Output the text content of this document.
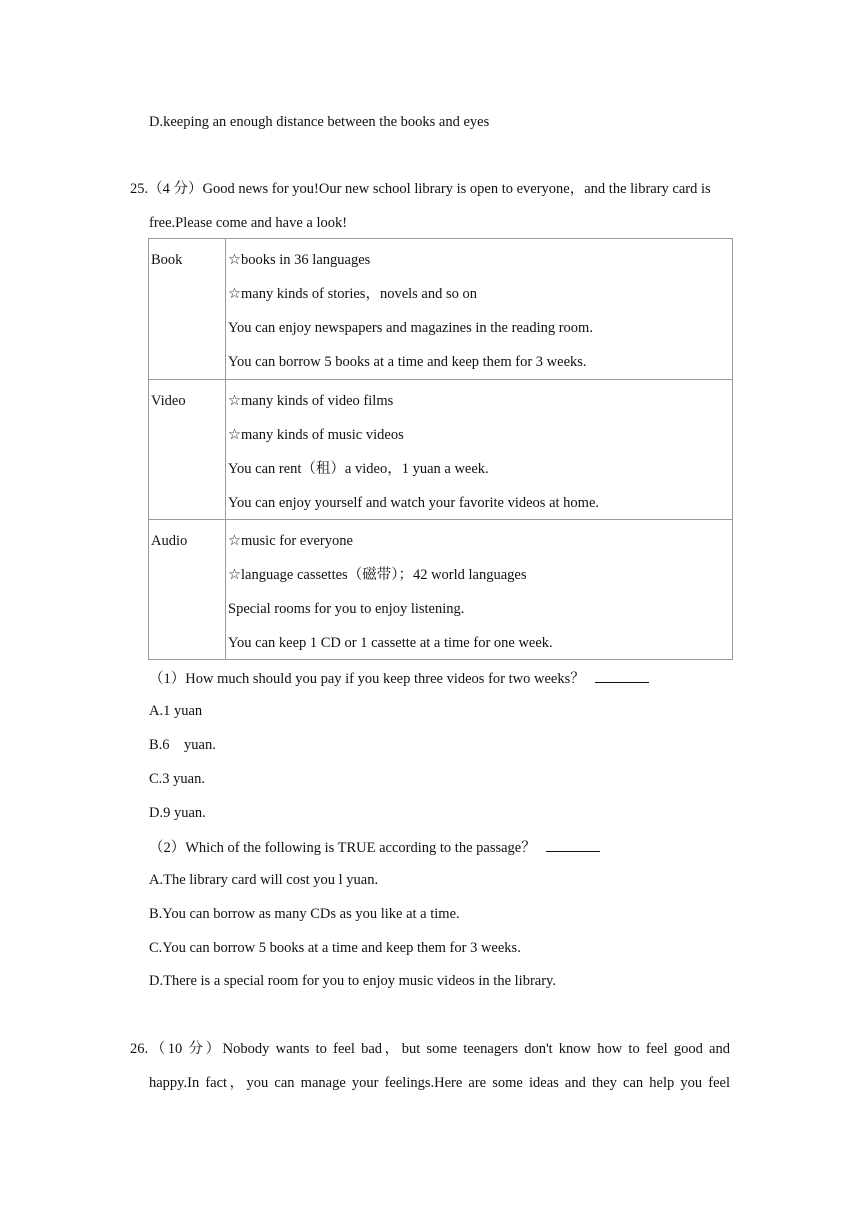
D.keeping an enough distance between the books and eyes
25.（4 分）Good news for you!Our new school library is open to everyone，and the library card is
free.Please come and have a look!
Book	☆books in 36 languages
☆many kinds of stories，novels and so on
You can enjoy newspapers and magazines in the reading room.
You can borrow 5 books at a time and keep them for 3 weeks.

Video	☆many kinds of video films
☆many kinds of music videos
You can rent（租）a video，1 yuan a week.
You can enjoy yourself and watch your favorite videos at home.

Audio	☆music for everyone
☆language cassettes（磁带）；42 world languages
Special rooms for you to enjoy listening.
You can keep 1 CD or 1 cassette at a time for one week.
（1）How much should you pay if you keep three videos for two weeks？
A.1 yuan
B.6　yuan.
C.3 yuan.
D.9 yuan.
（2）Which of the following is TRUE according to the passage？
A.The library card will cost you l yuan.
B.You can borrow as many CDs as you like at a time.
C.You can borrow 5 books at a time and keep them for 3 weeks.
D.There is a special room for you to enjoy music videos in the library.
26.（10 分）Nobody wants to feel bad，but some teenagers don't know how to feel good and
happy.In fact，you can manage your feelings.Here are some ideas and they can help you feel
